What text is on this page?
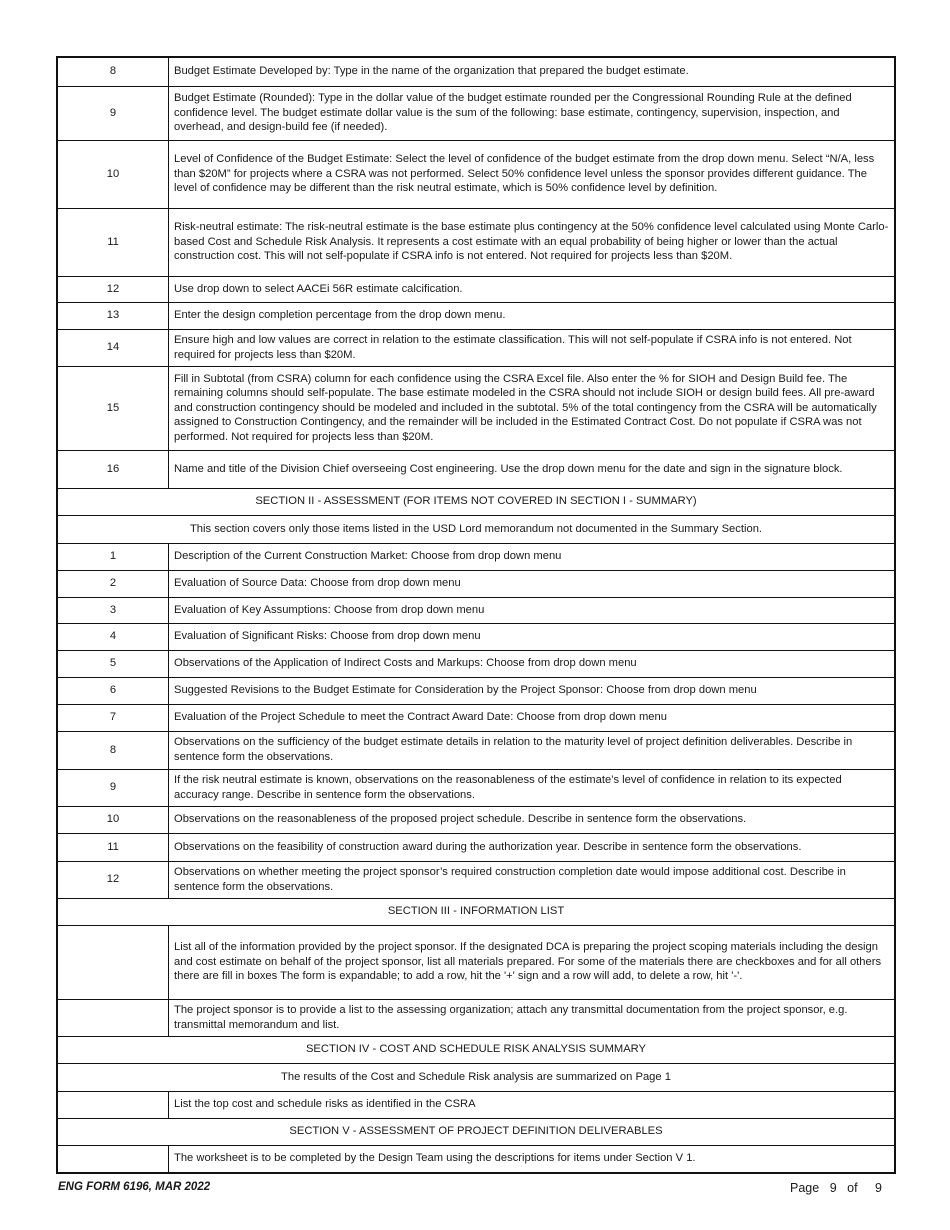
8	Budget Estimate Developed by: Type in the name of the organization that prepared the budget estimate.
9	Budget Estimate (Rounded): Type in the dollar value of the budget estimate rounded per the Congressional Rounding Rule at the defined confidence level. The budget estimate dollar value is the sum of the following: base estimate, contingency, supervision, inspection, and overhead, and design-build fee (if needed).
10	Level of Confidence of the Budget Estimate: Select the level of confidence of the budget estimate from the drop down menu. Select “N/A, less than $20M” for projects where a CSRA was not performed. Select 50% confidence level unless the sponsor provides different guidance. The level of confidence may be different than the risk neutral estimate, which is 50% confidence level by definition.
11	Risk-neutral estimate: The risk-neutral estimate is the base estimate plus contingency at the 50% confidence level calculated using Monte Carlo-based Cost and Schedule Risk Analysis. It represents a cost estimate with an equal probability of being higher or lower than the actual construction cost. This will not self-populate if CSRA info is not entered. Not required for projects less than $20M.
12	Use drop down to select AACEi 56R estimate calcification.
13	Enter the design completion percentage from the drop down menu.
14	Ensure high and low values are correct in relation to the estimate classification. This will not self-populate if CSRA info is not entered. Not required for projects less than $20M.
15	Fill in Subtotal (from CSRA) column for each confidence using the CSRA Excel file. Also enter the % for SIOH and Design Build fee. The remaining columns should self-populate. The base estimate modeled in the CSRA should not include SIOH or design build fees. All pre-award and construction contingency should be modeled and included in the subtotal. 5% of the total contingency from the CSRA will be automatically assigned to Construction Contingency, and the remainder will be included in the Estimated Contract Cost. Do not populate if CSRA was not performed. Not required for projects less than $20M.
16	Name and title of the Division Chief overseeing Cost engineering. Use the drop down menu for the date and sign in the signature block.
SECTION II - ASSESSMENT (FOR ITEMS NOT COVERED IN SECTION I - SUMMARY)	
This section covers only those items listed in the USD Lord memorandum not documented in the Summary Section.	
1	Description of the Current Construction Market: Choose from drop down menu
2	Evaluation of Source Data: Choose from drop down menu
3	Evaluation of Key Assumptions: Choose from drop down menu
4	Evaluation of Significant Risks: Choose from drop down menu
5	Observations of the Application of Indirect Costs and Markups: Choose from drop down menu
6	Suggested Revisions to the Budget Estimate for Consideration by the Project Sponsor: Choose from drop down menu
7	Evaluation of the Project Schedule to meet the Contract Award Date: Choose from drop down menu
8	Observations on the sufficiency of the budget estimate details in relation to the maturity level of project definition deliverables. Describe in sentence form the observations.
9	If the risk neutral estimate is known, observations on the reasonableness of the estimate’s level of confidence in relation to its expected accuracy range. Describe in sentence form the observations.
10	Observations on the reasonableness of the proposed project schedule. Describe in sentence form the observations.
11	Observations on the feasibility of construction award during the authorization year. Describe in sentence form the observations.
12	Observations on whether meeting the project sponsor’s required construction completion date would impose additional cost. Describe in sentence form the observations.
SECTION III - INFORMATION LIST	
	List all of the information provided by the project sponsor. If the designated DCA is preparing the project scoping materials including the design and cost estimate on behalf of the project sponsor, list all materials prepared. For some of the materials there are checkboxes and for all others there are fill in boxes The form is expandable; to add a row, hit the '+' sign and a row will add, to delete a row, hit '-'.
	The project sponsor is to provide a list to the assessing organization; attach any transmittal documentation from the project sponsor, e.g. transmittal memorandum and list.
SECTION IV - COST AND SCHEDULE RISK ANALYSIS SUMMARY	
The results of the Cost and Schedule Risk analysis are summarized on Page 1	
	List the top cost and schedule risks as identified in the CSRA
SECTION V - ASSESSMENT OF PROJECT DEFINITION DELIVERABLES	
	The worksheet is to be completed by the Design Team using the descriptions for items under Section V 1.
ENG FORM 6196, MAR 2022	Page 9 of 9
